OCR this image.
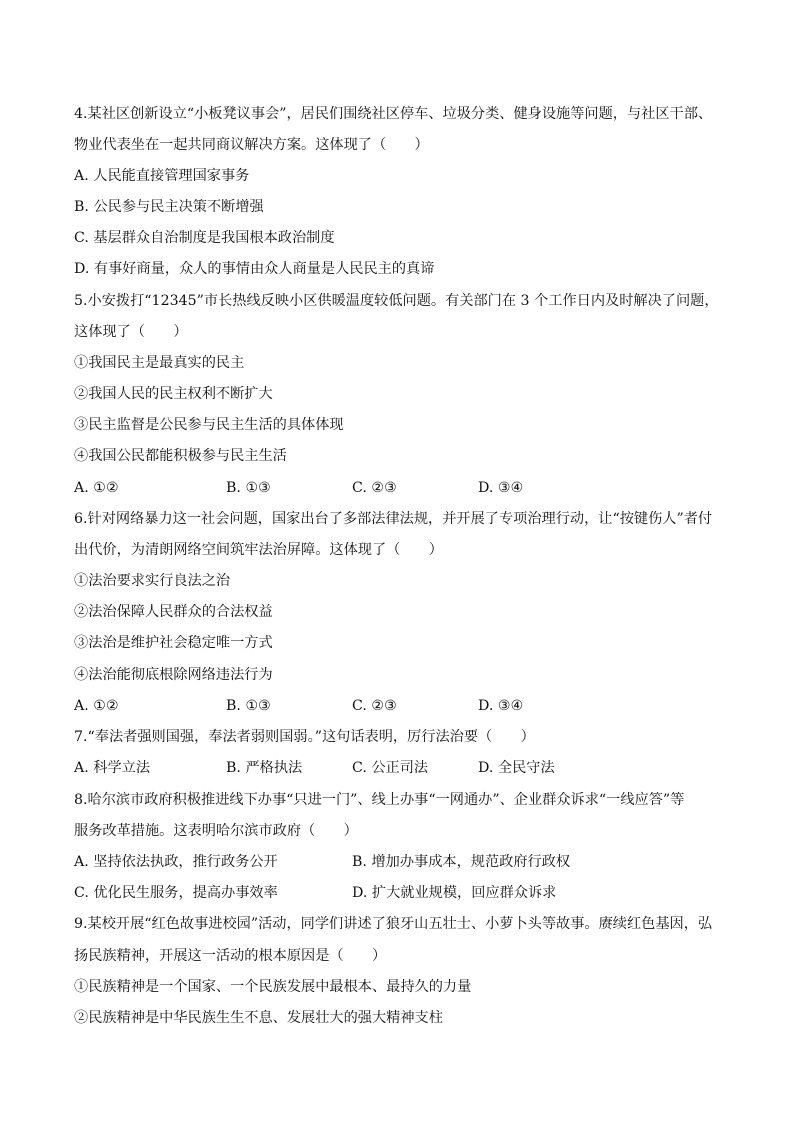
4.某社区创新设立“小板凳议事会”，居民们围绕社区停车、垃圾分类、健身设施等问题，与社区干部、
物业代表坐在一起共同商议解决方案。这体现了（　　）
A. 人民能直接管理国家事务
B. 公民参与民主决策不断增强
C. 基层群众自治制度是我国根本政治制度
D. 有事好商量，众人的事情由众人商量是人民民主的真谛
5.小安拨打“12345”市长热线反映小区供暖温度较低问题。有关部门在 3 个工作日内及时解决了问题，
这体现了（　　）
①我国民主是最真实的民主
②我国人民的民主权利不断扩大
③民主监督是公民参与民主生活的具体体现
④我国公民都能积极参与民主生活
A. ①②	B. ①③	C. ②③	D. ③④
6.针对网络暴力这一社会问题，国家出台了多部法律法规，并开展了专项治理行动，让“按键伤人”者付
出代价，为清朗网络空间筑牢法治屏障。这体现了（　　）
①法治要求实行良法之治
②法治保障人民群众的合法权益
③法治是维护社会稳定唯一方式
④法治能彻底根除网络违法行为
A. ①②	B. ①③	C. ②③	D. ③④
7.“奉法者强则国强，奉法者弱则国弱。”这句话表明，厉行法治要（　　）
A. 科学立法	B. 严格执法	C. 公正司法	D. 全民守法
8.哈尔滨市政府积极推进线下办事“只进一门”、线上办事“一网通办”、企业群众诉求“一线应答”等
服务改革措施。这表明哈尔滨市政府（　　）
A. 坚持依法执政，推行政务公开	B. 增加办事成本，规范政府行政权
C. 优化民生服务，提高办事效率	D. 扩大就业规模，回应群众诉求
9.某校开展“红色故事进校园”活动，同学们讲述了狼牙山五壮士、小萝卜头等故事。赓续红色基因，弘
扬民族精神，开展这一活动的根本原因是（　　）
①民族精神是一个国家、一个民族发展中最根本、最持久的力量
②民族精神是中华民族生生不息、发展壮大的强大精神支柱
